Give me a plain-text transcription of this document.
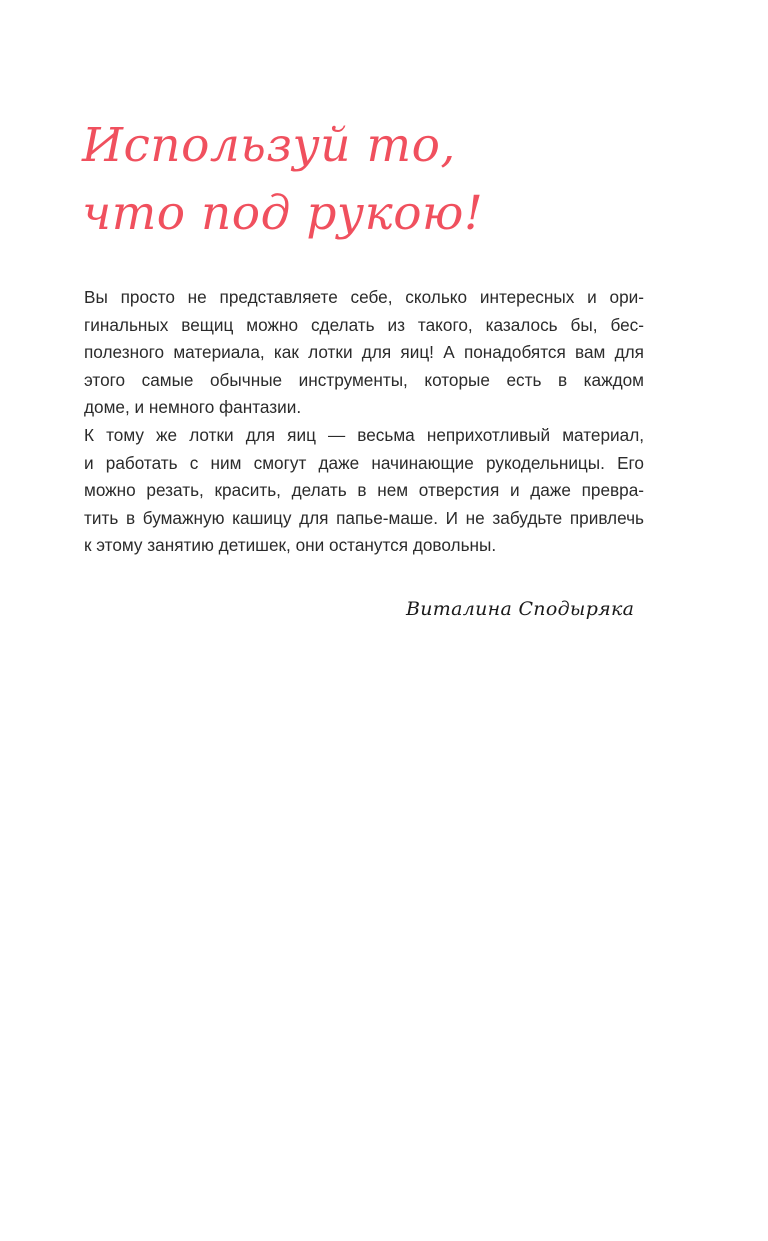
Используй то,
что под рукою!
Вы просто не представляете себе, сколько интересных и ори-
гинальных вещиц можно сделать из такого, казалось бы, бес-
полезного материала, как лотки для яиц! А понадобятся вам для
этого самые обычные инструменты, которые есть в каждом
доме, и немного фантазии.
К тому же лотки для яиц — весьма неприхотливый материал,
и работать с ним смогут даже начинающие рукодельницы. Его
можно резать, красить, делать в нем отверстия и даже превра-
тить в бумажную кашицу для папье-маше. И не забудьте привлечь
к этому занятию детишек, они останутся довольны.
Виталина Сподыряка
